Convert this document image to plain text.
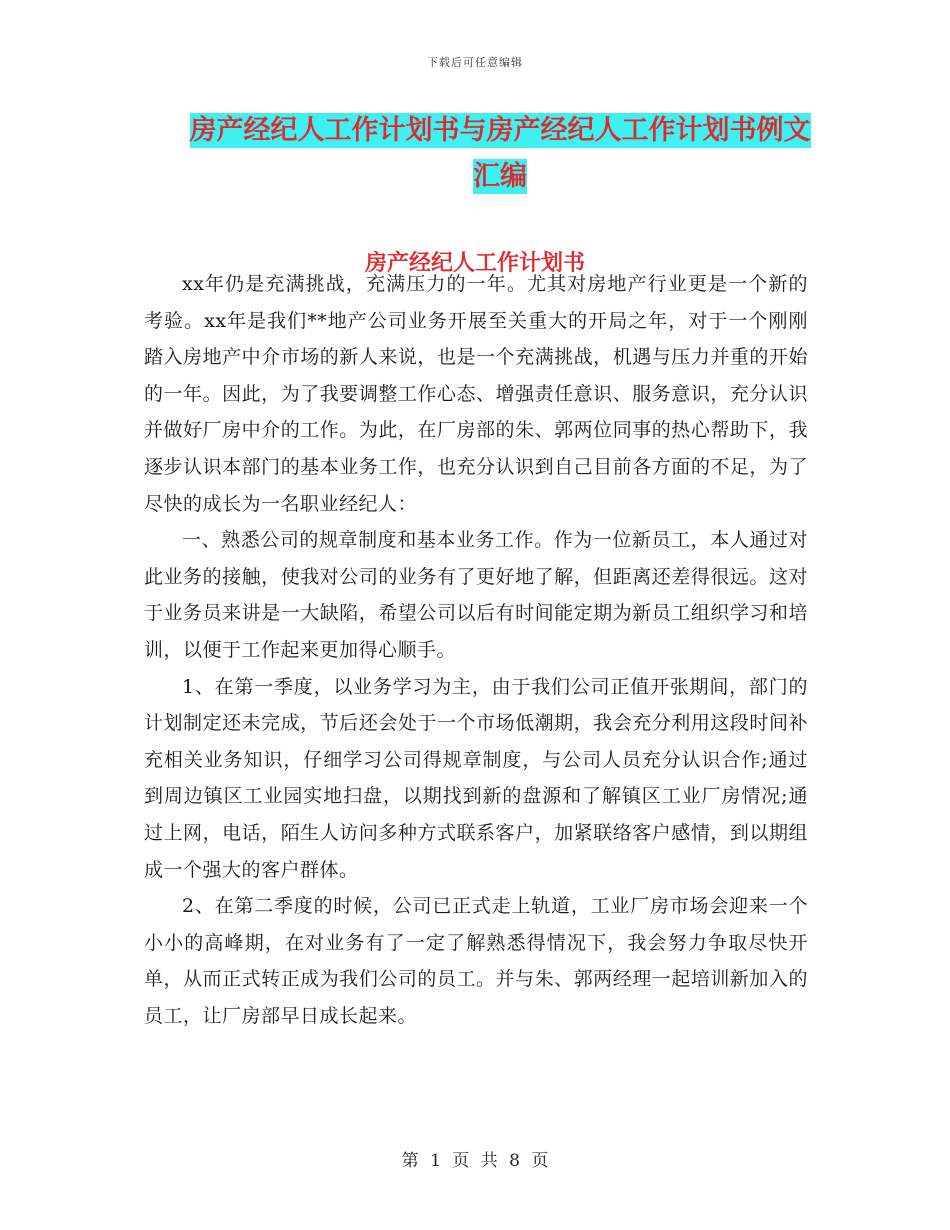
下载后可任意编辑
房产经纪人工作计划书与房产经纪人工作计划书例文
汇编
房产经纪人工作计划书

xx年仍是充满挑战，充满压力的一年。尤其对房地产行业更是一个新的考验。xx年是我们**地产公司业务开展至关重大的开局之年，对于一个刚刚踏入房地产中介市场的新人来说，也是一个充满挑战，机遇与压力并重的开始的一年。因此，为了我要调整工作心态、增强责任意识、服务意识，充分认识并做好厂房中介的工作。为此，在厂房部的朱、郭两位同事的热心帮助下，我逐步认识本部门的基本业务工作，也充分认识到自己目前各方面的不足，为了尽快的成长为一名职业经纪人：

一、熟悉公司的规章制度和基本业务工作。作为一位新员工，本人通过对此业务的接触，使我对公司的业务有了更好地了解，但距离还差得很远。这对于业务员来讲是一大缺陷，希望公司以后有时间能定期为新员工组织学习和培训，以便于工作起来更加得心顺手。

1、在第一季度，以业务学习为主，由于我们公司正值开张期间，部门的计划制定还未完成，节后还会处于一个市场低潮期，我会充分利用这段时间补充相关业务知识，仔细学习公司得规章制度，与公司人员充分认识合作;通过到周边镇区工业园实地扫盘，以期找到新的盘源和了解镇区工业厂房情况;通过上网，电话，陌生人访问多种方式联系客户，加紧联络客户感情，到以期组成一个强大的客户群体。

2、在第二季度的时候，公司已正式走上轨道，工业厂房市场会迎来一个小小的高峰期，在对业务有了一定了解熟悉得情况下，我会努力争取尽快开单，从而正式转正成为我们公司的员工。并与朱、郭两经理一起培训新加入的员工，让厂房部早日成长起来。

第 1 页 共 8 页
